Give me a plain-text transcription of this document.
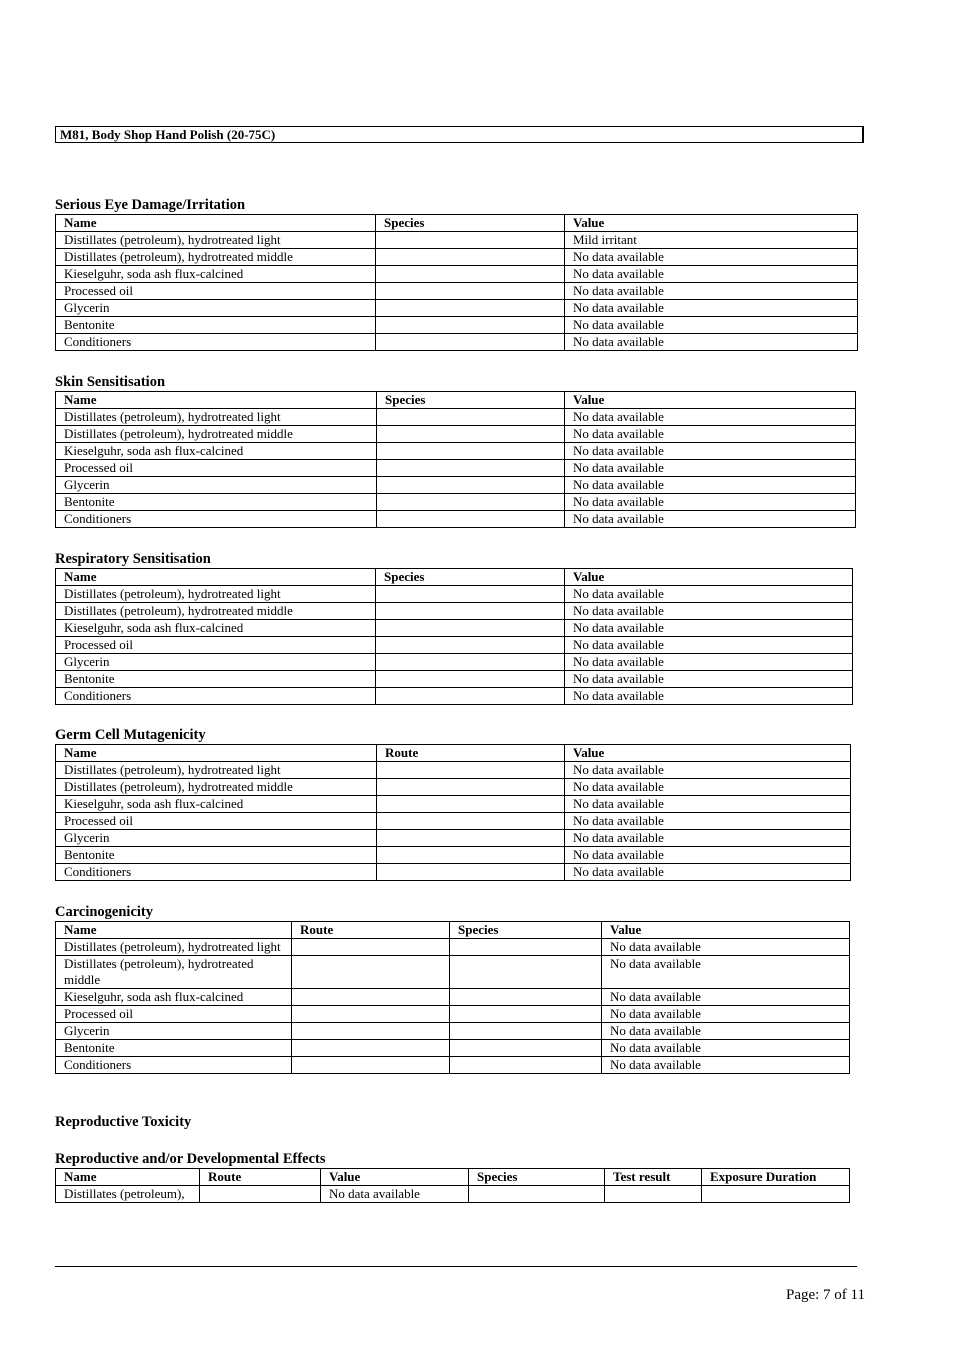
M81, Body Shop Hand Polish (20-75C)
Serious Eye Damage/Irritation
Name	Species	Value
Distillates (petroleum), hydrotreated light		Mild irritant
Distillates (petroleum), hydrotreated middle		No data available
Kieselguhr, soda ash flux-calcined		No data available
Processed oil		No data available
Glycerin		No data available
Bentonite		No data available
Conditioners		No data available
Skin Sensitisation
Name	Species	Value
Distillates (petroleum), hydrotreated light		No data available
Distillates (petroleum), hydrotreated middle		No data available
Kieselguhr, soda ash flux-calcined		No data available
Processed oil		No data available
Glycerin		No data available
Bentonite		No data available
Conditioners		No data available
Respiratory Sensitisation
Name	Species	Value
Distillates (petroleum), hydrotreated light		No data available
Distillates (petroleum), hydrotreated middle		No data available
Kieselguhr, soda ash flux-calcined		No data available
Processed oil		No data available
Glycerin		No data available
Bentonite		No data available
Conditioners		No data available
Germ Cell Mutagenicity
Name	Route	Value
Distillates (petroleum), hydrotreated light		No data available
Distillates (petroleum), hydrotreated middle		No data available
Kieselguhr, soda ash flux-calcined		No data available
Processed oil		No data available
Glycerin		No data available
Bentonite		No data available
Conditioners		No data available
Carcinogenicity
Name	Route	Species	Value
Distillates (petroleum), hydrotreated light			No data available
Distillates (petroleum), hydrotreated middle			No data available
Kieselguhr, soda ash flux-calcined			No data available
Processed oil			No data available
Glycerin			No data available
Bentonite			No data available
Conditioners			No data available
Reproductive Toxicity
Reproductive and/or Developmental Effects
Name	Route	Value	Species	Test result	Exposure Duration
Distillates (petroleum),		No data available			
Page: 7 of 11
